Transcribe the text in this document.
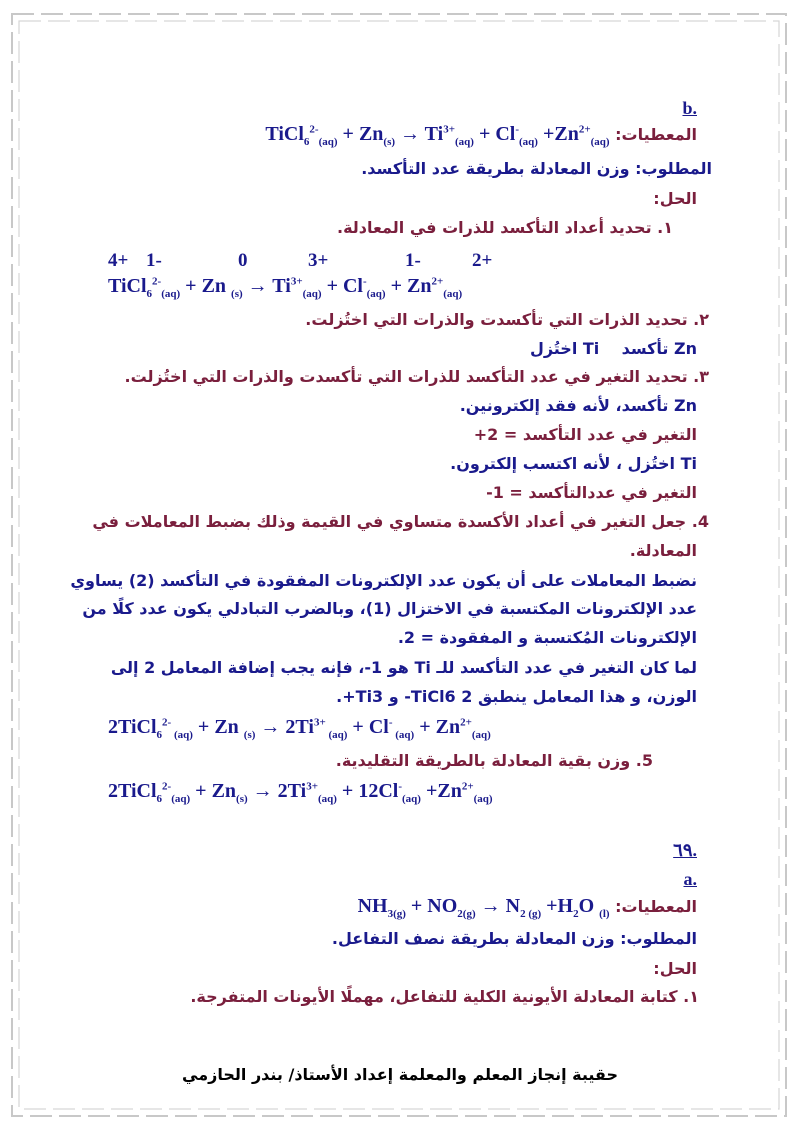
.b
المعطيات: TiCl$_6^{2-}_{(aq)}$ + $Zn_{(s)} \to Ti^{3+}_{(aq)} + Cl^-_{(aq)} +Zn^{2+}_{(aq)}$
المطلوب: وزن المعادلة بطريقة عدد التأكسد.
الحل:
١. تحديد أعداد التأكسد للذرات في المعادلة.
+4 -1	0	+3	-1	+2
TiCl$_6^{2-}_{(aq)}$ + Zn $_{(s)} \to Ti^{3+}_{(aq)} + Cl^-_{(aq)} + Zn^{2+}_{(aq)}$
٢. تحديد الذرات التي تأكسدت والذرات التي اختُزلت.
Zn تأكسد    Ti اختُزل
٣. تحديد التغير في عدد التأكسد للذرات التي تأكسدت والذرات التي اختُزلت.
Zn تأكسد، لأنه فقد إلكترونين.
التغير في عدد التأكسد = 2+
Ti اختُزل ، لأنه اكتسب إلكترون.
التغير في عددالتأكسد = 1-
4. جعل التغير في أعداد الأكسدة متساوي في القيمة وذلك بضبط المعاملات في
المعادلة.
نضبط المعاملات على أن يكون عدد الإلكترونات المفقودة في التأكسد (2) يساوي
عدد الإلكترونات المكتسبة في الاختزال (1)، وبالضرب التبادلي يكون عدد كلًا من
الإلكترونات المُكتسبة و المفقودة = 2.
لما كان التغير في عدد التأكسد للـ Ti هو 1-، فإنه يجب إضافة المعامل 2 إلى
الوزن، و هذا المعامل ينطبق TiCl6 2- و Ti3+.
2TiCl$_6^{2-}$ $_{(aq)}$ + Zn $_{(s)} \to 2Ti^{3+}$ $_{(aq)}$ + Cl- $_{(aq)} + Zn^{2+}_{(aq)}$
5. وزن بقية المعادلة بالطريقة التقليدية.
2TiCl$_6^{2-}_{(aq)}$ + $Zn_{(s)} \to 2Ti^{3+}_{(aq)} + 12Cl^-_{(aq)} +Zn^{2+}_{(aq)}$
.٦٩
.a
المعطيات: $NH_{3(g)} + NO_{2(g)} \to N_{2 (g)} +H_2O$ $_{(l)}$
المطلوب: وزن المعادلة بطريقة نصف التفاعل.
الحل:
١. كتابة المعادلة الأيونية الكلية للتفاعل، مهملًا الأيونات المتفرجة.
حقيبة إنجاز المعلم والمعلمة إعداد الأستاذ/ بندر الحازمي
